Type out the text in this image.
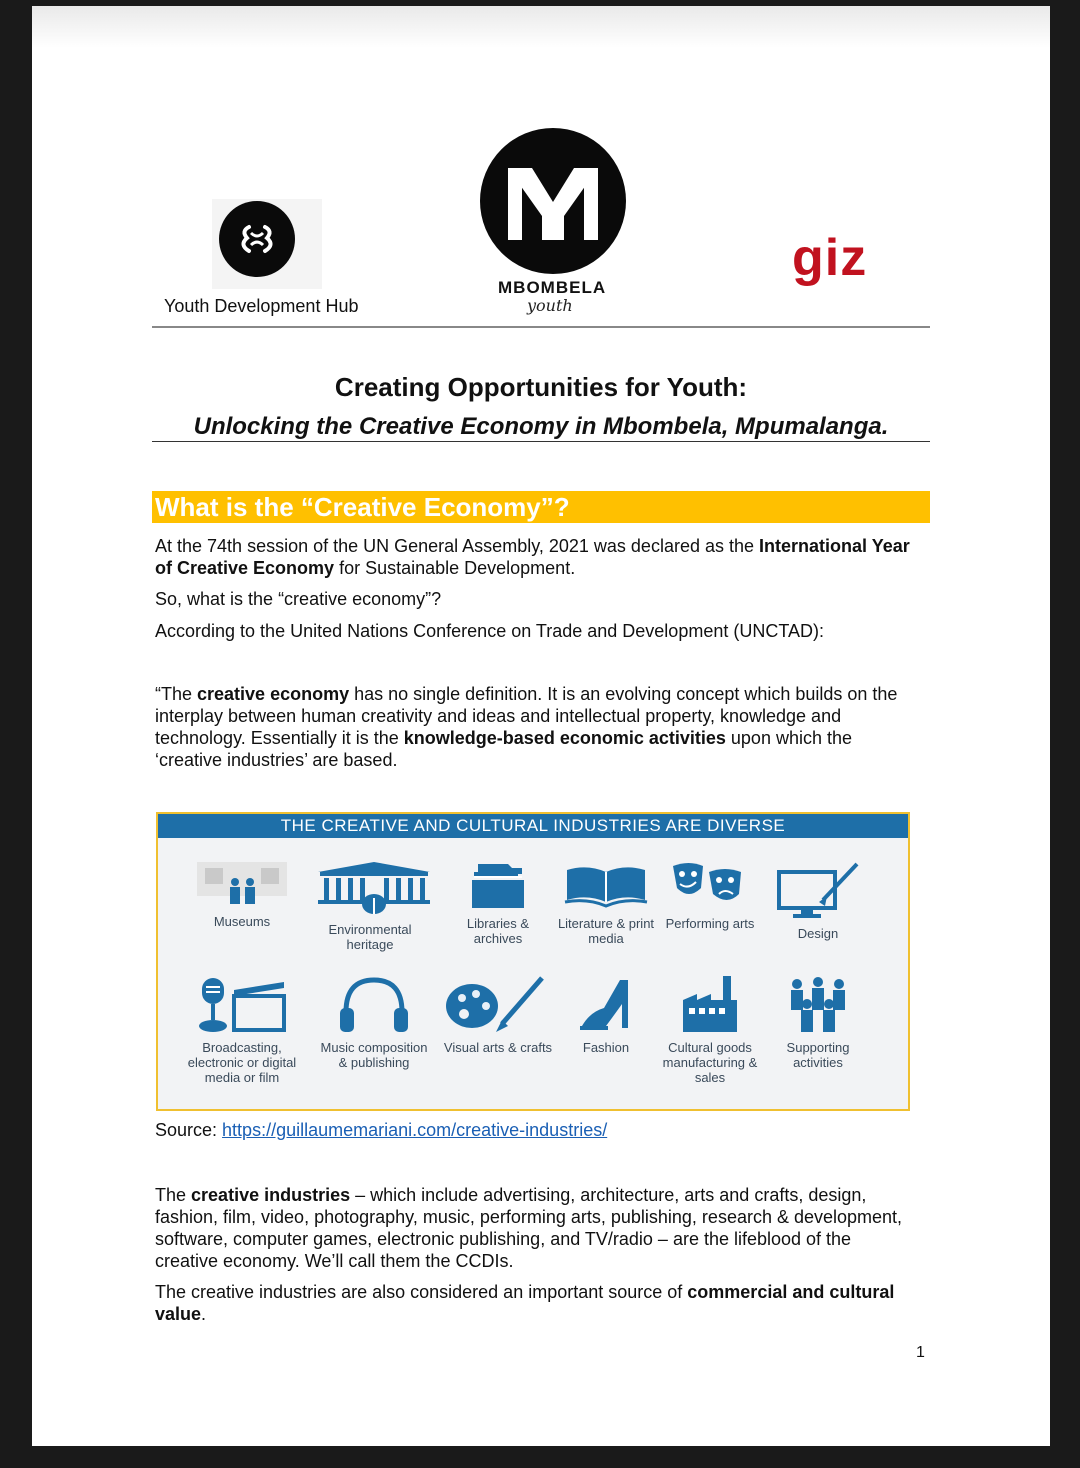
Youth Development Hub
MBOMBELA
youth
giz
Creating Opportunities for Youth:
Unlocking the Creative Economy in Mbombela, Mpumalanga.
What is the “Creative Economy”?
At the 74th session of the UN General Assembly, 2021 was declared as the International Year of Creative Economy for Sustainable Development.
So, what is the “creative economy”?
According to the United Nations Conference on Trade and Development (UNCTAD):
“The creative economy has no single definition. It is an evolving concept which builds on the interplay between human creativity and ideas and intellectual property, knowledge and technology. Essentially it is the knowledge-based economic activities upon which the ‘creative industries’ are based.
THE CREATIVE AND CULTURAL INDUSTRIES ARE DIVERSE
Museums
Environmental heritage
Libraries & archives
Literature & print media
Performing arts
Design
Broadcasting, electronic or digital media or film
Music composition & publishing
Visual arts & crafts	Fashion	Cultural goods manufacturing & sales
Supporting activities
Source: https://guillaumemariani.com/creative-industries/
The creative industries – which include advertising, architecture, arts and crafts, design, fashion, film, video, photography, music, performing arts, publishing, research & development, software, computer games, electronic publishing, and TV/radio – are the lifeblood of the creative economy. We’ll call them the CCDIs.
The creative industries are also considered an important source of commercial and cultural value.
1
